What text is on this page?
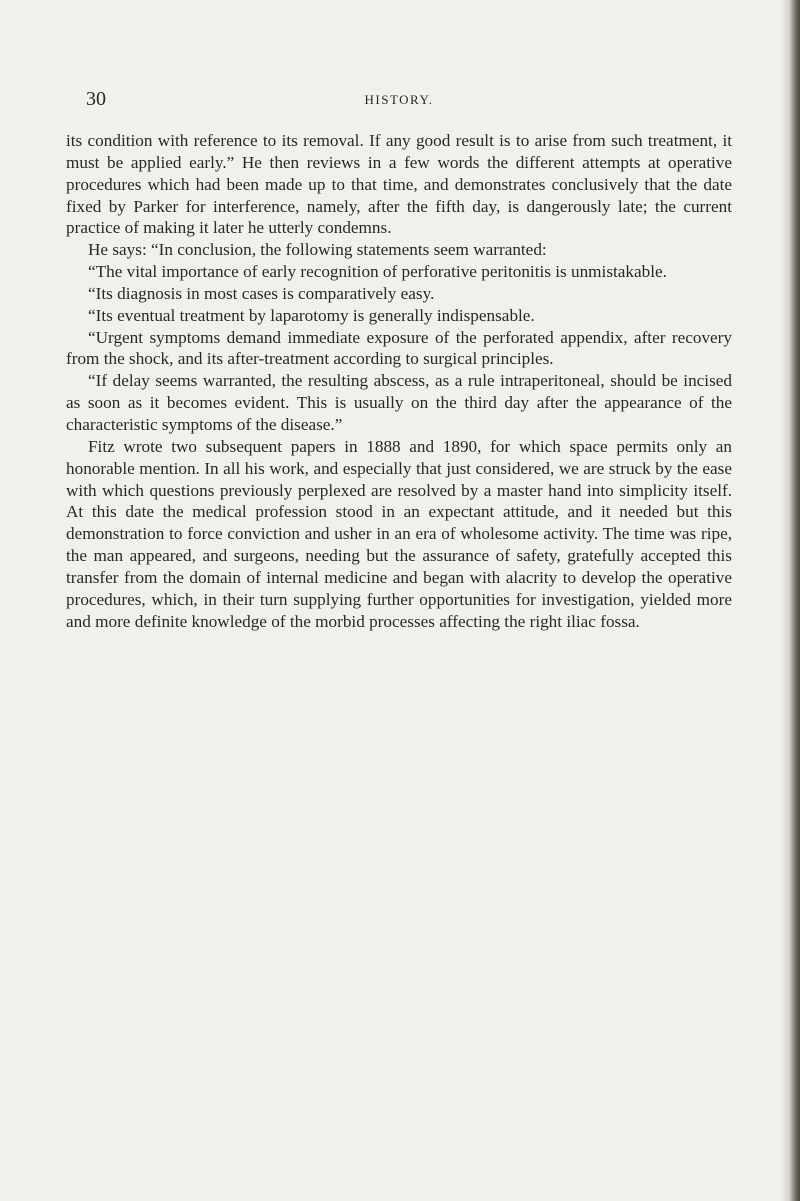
30	HISTORY.

its condition with reference to its removal. If any good result is to arise from such treatment, it must be applied early.” He then reviews in a few words the different attempts at operative procedures which had been made up to that time, and demonstrates conclusively that the date fixed by Parker for interference, namely, after the fifth day, is dangerously late; the current practice of making it later he utterly condemns.

He says: “In conclusion, the following statements seem warranted:

“The vital importance of early recognition of perforative peritonitis is unmistakable.

“Its diagnosis in most cases is comparatively easy.

“Its eventual treatment by laparotomy is generally indispensable.

“Urgent symptoms demand immediate exposure of the perforated appendix, after recovery from the shock, and its after-treatment according to surgical principles.

“If delay seems warranted, the resulting abscess, as a rule intraperitoneal, should be incised as soon as it becomes evident. This is usually on the third day after the appearance of the characteristic symptoms of the disease.”

Fitz wrote two subsequent papers in 1888 and 1890, for which space permits only an honorable mention. In all his work, and especially that just considered, we are struck by the ease with which questions previously perplexed are resolved by a master hand into simplicity itself. At this date the medical profession stood in an expectant attitude, and it needed but this demonstration to force conviction and usher in an era of wholesome activity. The time was ripe, the man appeared, and surgeons, needing but the assurance of safety, gratefully accepted this transfer from the domain of internal medicine and began with alacrity to develop the operative procedures, which, in their turn supplying further opportunities for investigation, yielded more and more definite knowledge of the morbid processes affecting the right iliac fossa.
